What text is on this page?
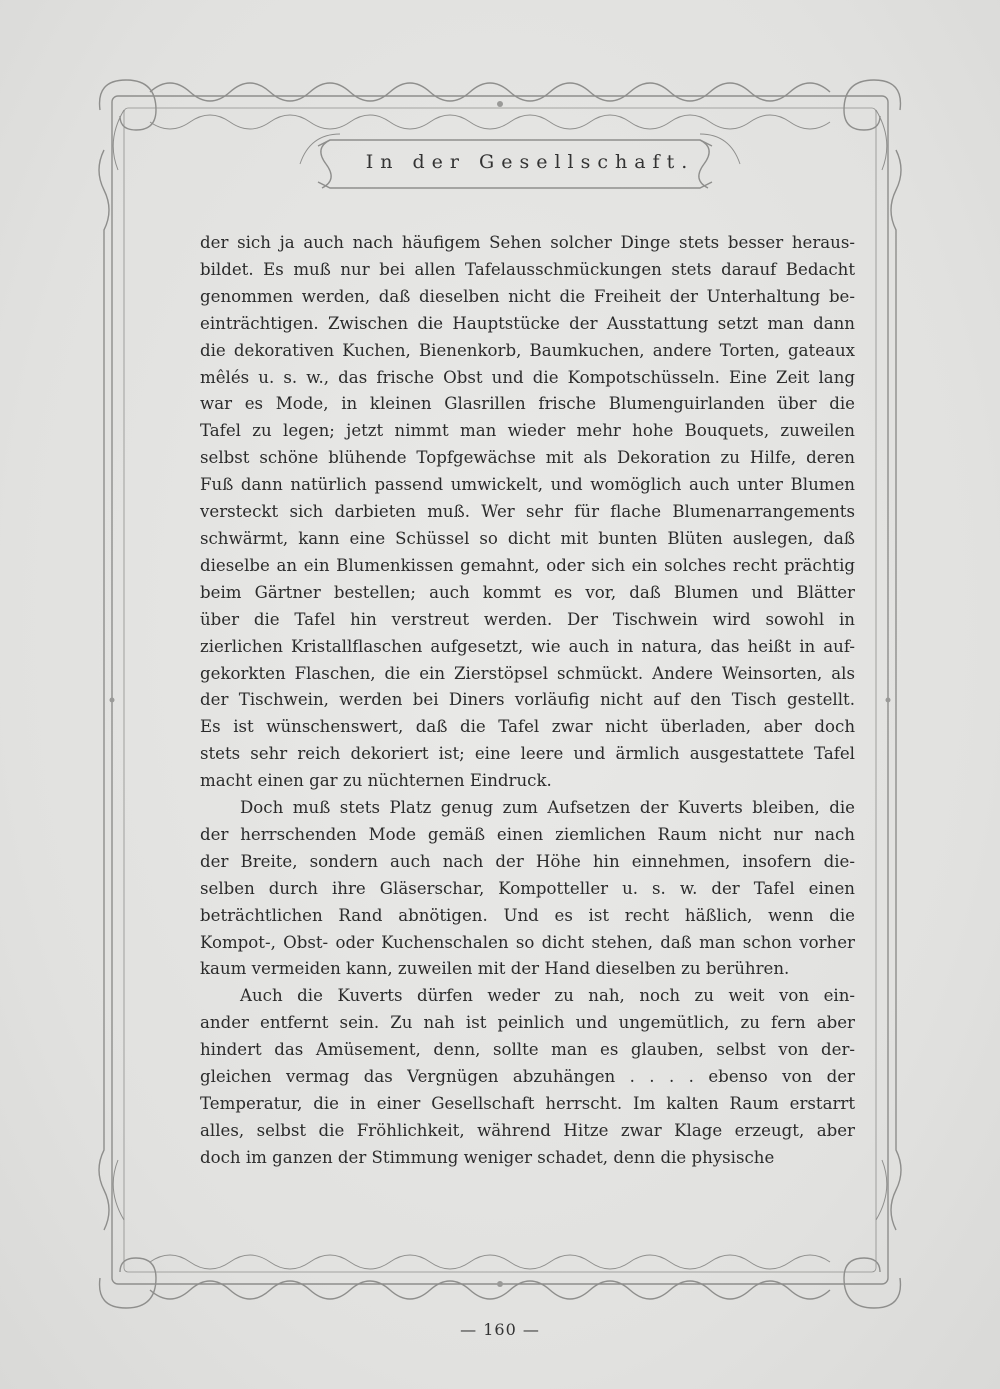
In der Gesellschaft.

der sich ja auch nach häufigem Sehen solcher Dinge stets besser heraus-
bildet. Es muß nur bei allen Tafelausschmückungen stets darauf Bedacht
genommen werden, daß dieselben nicht die Freiheit der Unterhaltung be-
einträchtigen. Zwischen die Hauptstücke der Ausstattung setzt man dann
die dekorativen Kuchen, Bienenkorb, Baumkuchen, andere Torten, gateaux
mêlés u. s. w., das frische Obst und die Kompotschüsseln. Eine Zeit lang
war es Mode, in kleinen Glasrillen frische Blumenguirlanden über die
Tafel zu legen; jetzt nimmt man wieder mehr hohe Bouquets, zuweilen
selbst schöne blühende Topfgewächse mit als Dekoration zu Hilfe, deren
Fuß dann natürlich passend umwickelt, und womöglich auch unter Blumen
versteckt sich darbieten muß. Wer sehr für flache Blumenarrangements
schwärmt, kann eine Schüssel so dicht mit bunten Blüten auslegen, daß
dieselbe an ein Blumenkissen gemahnt, oder sich ein solches recht prächtig
beim Gärtner bestellen; auch kommt es vor, daß Blumen und Blätter
über die Tafel hin verstreut werden. Der Tischwein wird sowohl in
zierlichen Kristallflaschen aufgesetzt, wie auch in natura, das heißt in auf-
gekorkten Flaschen, die ein Zierstöpsel schmückt. Andere Weinsorten, als
der Tischwein, werden bei Diners vorläufig nicht auf den Tisch gestellt.
Es ist wünschenswert, daß die Tafel zwar nicht überladen, aber doch
stets sehr reich dekoriert ist; eine leere und ärmlich ausgestattete Tafel
macht einen gar zu nüchternen Eindruck.

Doch muß stets Platz genug zum Aufsetzen der Kuverts bleiben, die
der herrschenden Mode gemäß einen ziemlichen Raum nicht nur nach
der Breite, sondern auch nach der Höhe hin einnehmen, insofern die-
selben durch ihre Gläserschar, Kompotteller u. s. w. der Tafel einen
beträchtlichen Rand abnötigen. Und es ist recht häßlich, wenn die
Kompot-, Obst- oder Kuchenschalen so dicht stehen, daß man schon vorher
kaum vermeiden kann, zuweilen mit der Hand dieselben zu berühren.

Auch die Kuverts dürfen weder zu nah, noch zu weit von ein-
ander entfernt sein. Zu nah ist peinlich und ungemütlich, zu fern aber
hindert das Amüsement, denn, sollte man es glauben, selbst von der-
gleichen vermag das Vergnügen abzuhängen . . . . ebenso von der
Temperatur, die in einer Gesellschaft herrscht. Im kalten Raum erstarrt
alles, selbst die Fröhlichkeit, während Hitze zwar Klage erzeugt, aber
doch im ganzen der Stimmung weniger schadet, denn die physische

— 160 —
